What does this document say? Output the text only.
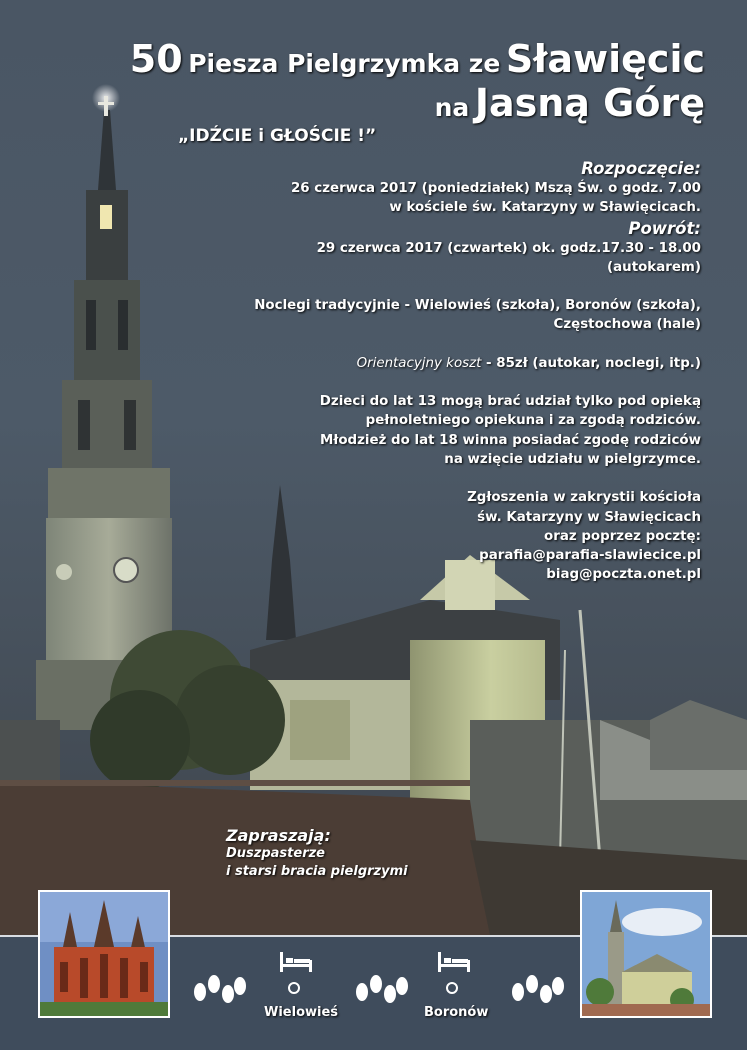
50 Piesza Pielgrzymka ze Sławięcic
na Jasną Górę
„IDŹCIE i GŁOŚCIE !”

Rozpoczęcie:

26 czerwca 2017 (poniedziałek) Mszą Św. o godz. 7.00

w kościele św. Katarzyny w Sławięcicach.

Powrót:

29 czerwca 2017 (czwartek) ok. godz.17.30 - 18.00 (autokarem)

Noclegi tradycyjnie - Wielowieś (szkoła), Boronów (szkoła),

Częstochowa (hale)

Orientacyjny koszt - 85zł (autokar, noclegi, itp.)

Dzieci do lat 13 mogą brać udział tylko pod opieką

pełnoletniego opiekuna i za zgodą rodziców.

Młodzież do lat 18 winna posiadać zgodę rodziców

na wzięcie udziału w pielgrzymce.

Zgłoszenia w zakrystii kościoła

św. Katarzyny w Sławięcicach

oraz poprzez pocztę:

parafia@parafia-slawiecice.pl

biag@poczta.onet.pl

Zapraszają:
Duszpasterze
i starsi bracia pielgrzymi
Wielowieś	Boronów
